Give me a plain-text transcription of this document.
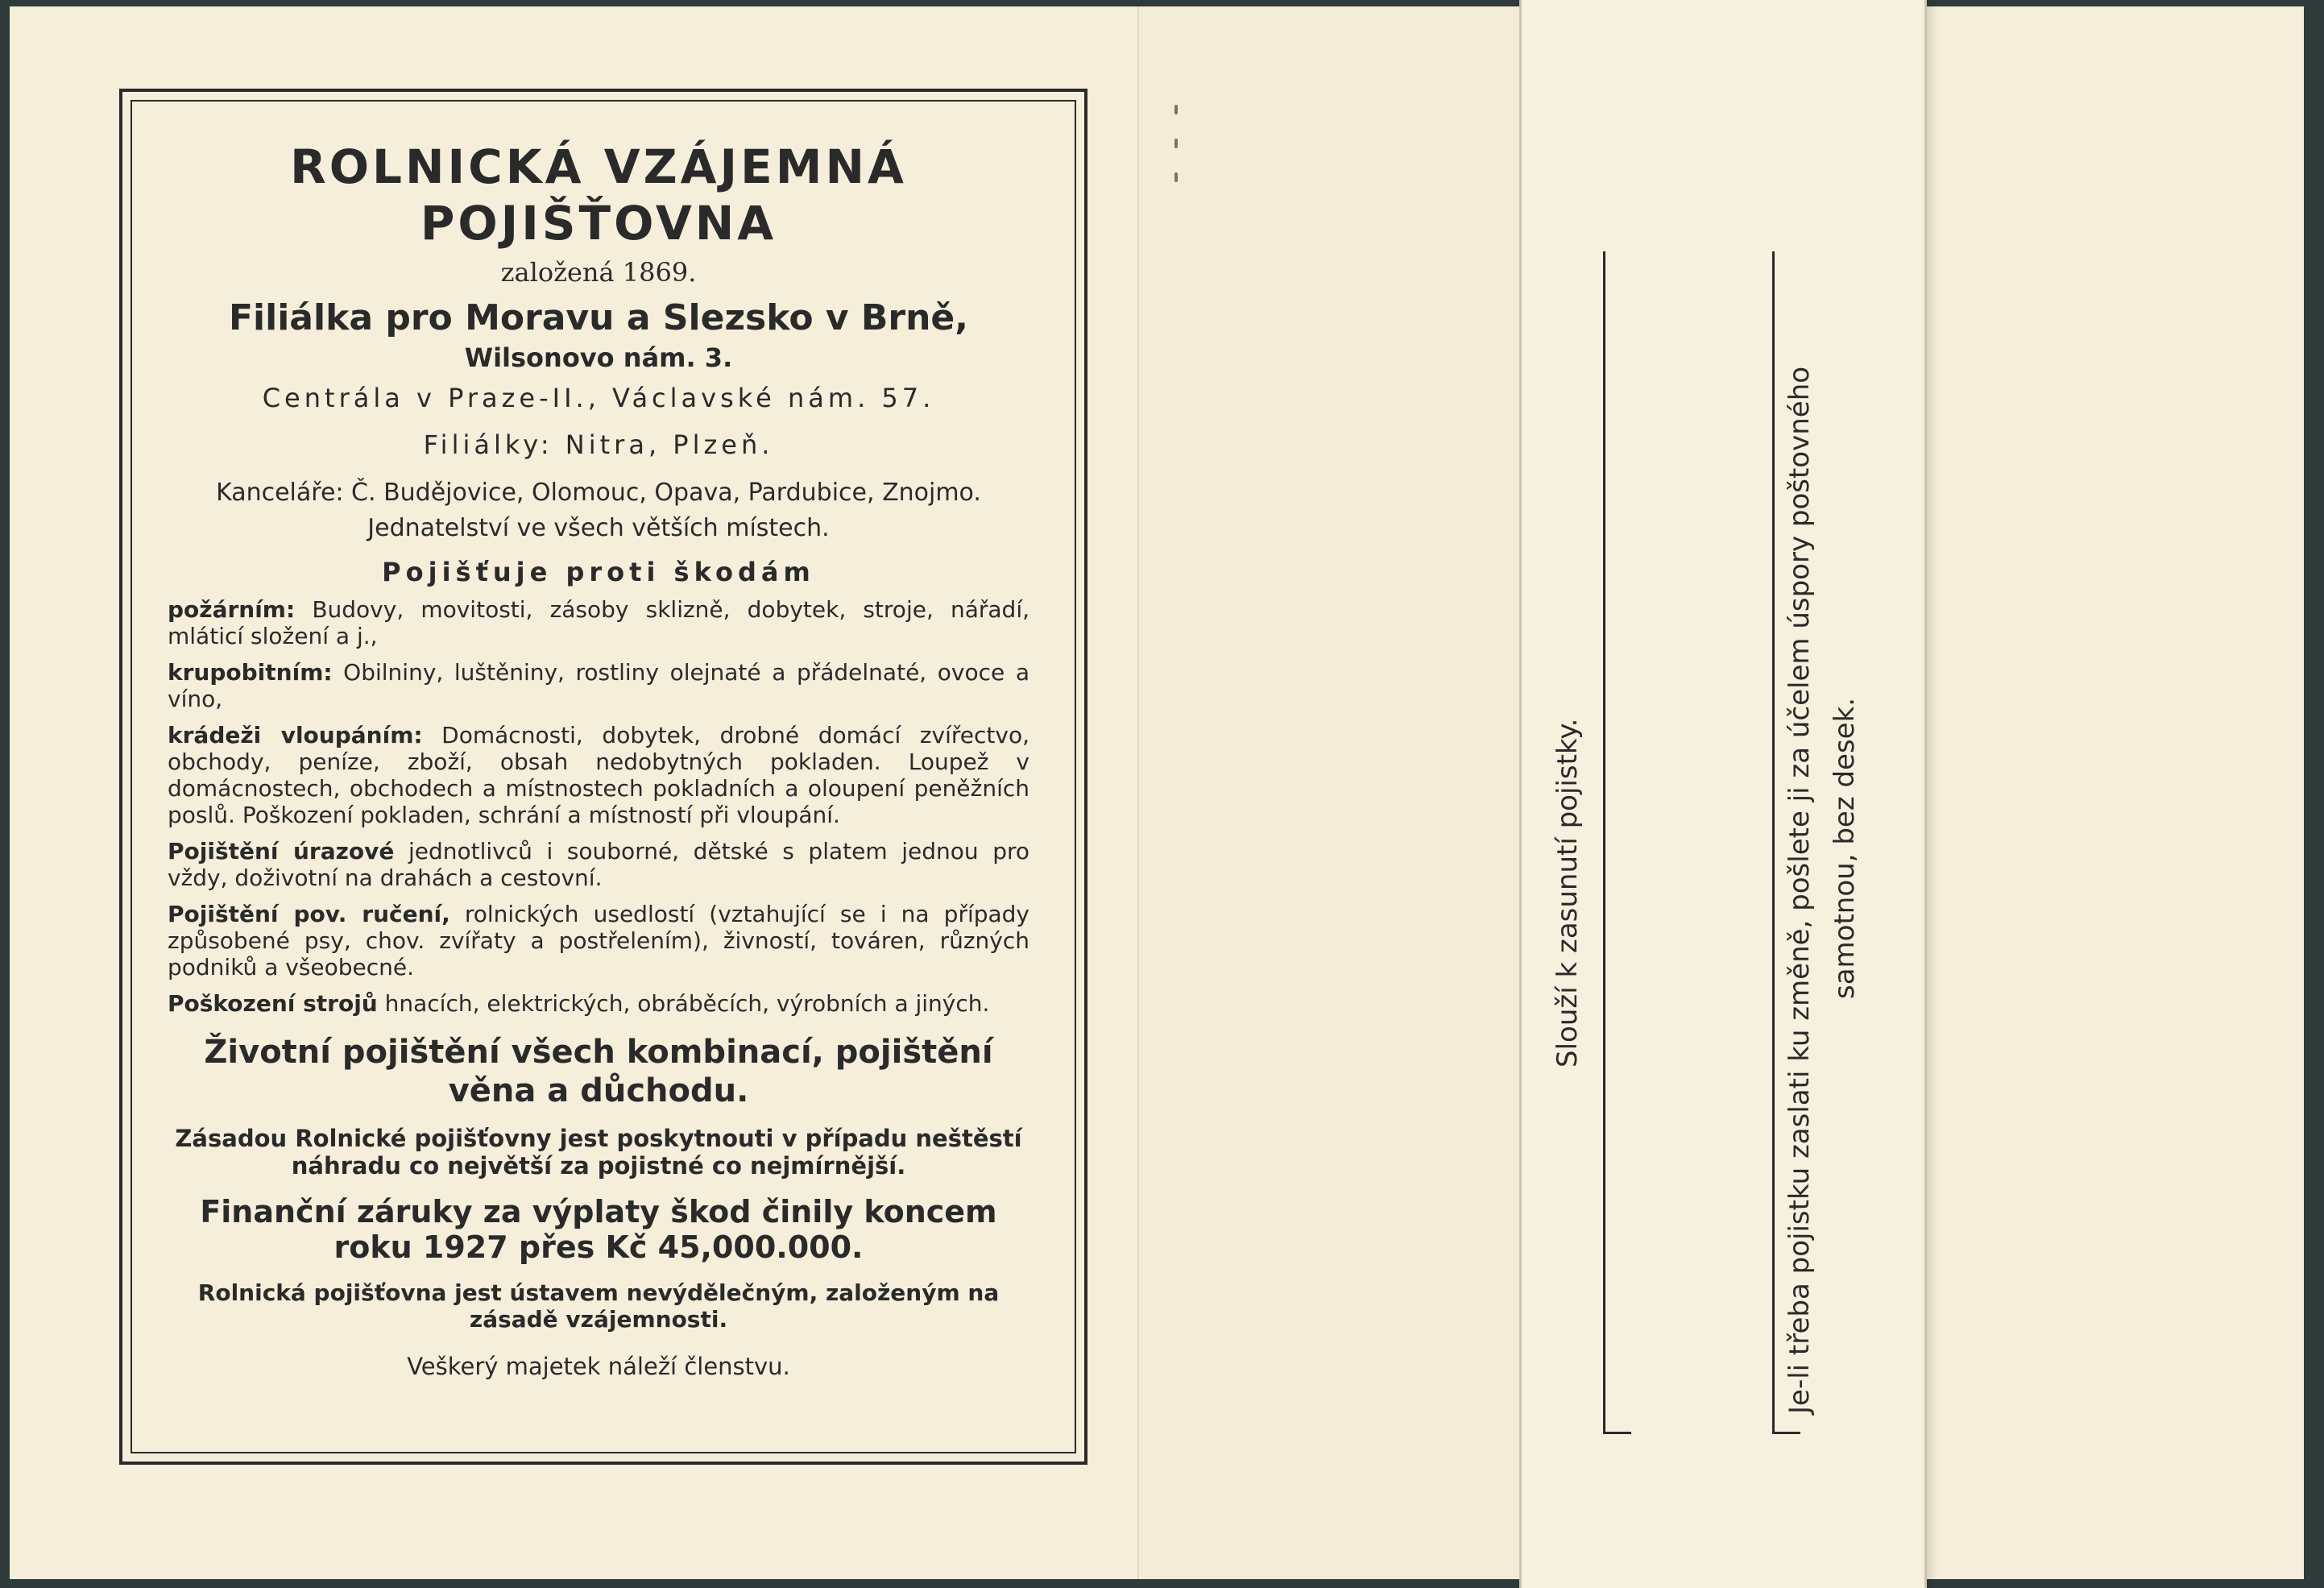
ROLNICKÁ VZÁJEMNÁ POJIŠŤOVNA
založená 1869.
Filiálka pro Moravu a Slezsko v Brně,
Wilsonovo nám. 3.
Centrála v Praze-II., Václavské nám. 57.
Filiálky: Nitra, Plzeň.
Kanceláře: Č. Budějovice, Olomouc, Opava, Pardubice, Znojmo.
Jednatelství ve všech větších místech.
Pojišťuje proti škodám
požárním: Budovy, movitosti, zásoby sklizně, dobytek, stroje, nářadí, mláticí složení a j.,
krupobitním: Obilniny, luštěniny, rostliny olejnaté a přádelnaté, ovoce a víno,
krádeži vloupáním: Domácnosti, dobytek, drobné domácí zvířectvo, obchody, peníze, zboží, obsah nedobytných pokladen. Loupež v domácnostech, obchodech a místnostech pokladních a oloupení peněžních poslů. Poškození pokladen, schrání a místností při vloupání.
Pojištění úrazové jednotlivců i souborné, dětské s platem jednou pro vždy, doživotní na drahách a cestovní.
Pojištění pov. ručení, rolnických usedlostí (vztahující se i na případy způsobené psy, chov. zvířaty a postřelením), živností, továren, různých podniků a všeobecné.
Poškození strojů hnacích, elektrických, obráběcích, výrobních a jiných.
Životní pojištění všech kombinací, pojištění věna a důchodu.
Zásadou Rolnické pojišťovny jest poskytnouti v případu neštěstí náhradu co největší za pojistné co nejmírnější.
Finanční záruky za výplaty škod činily koncem roku 1927 přes Kč 45,000.000.
Rolnická pojišťovna jest ústavem nevýdělečným, založeným na zásadě vzájemnosti.
Veškerý majetek náleží členstvu.
Slouží k zasunutí pojistky.	Je-li třeba pojistku zaslati ku změně, pošlete ji za účelem úspory poštovného samotnou, bez desek.
